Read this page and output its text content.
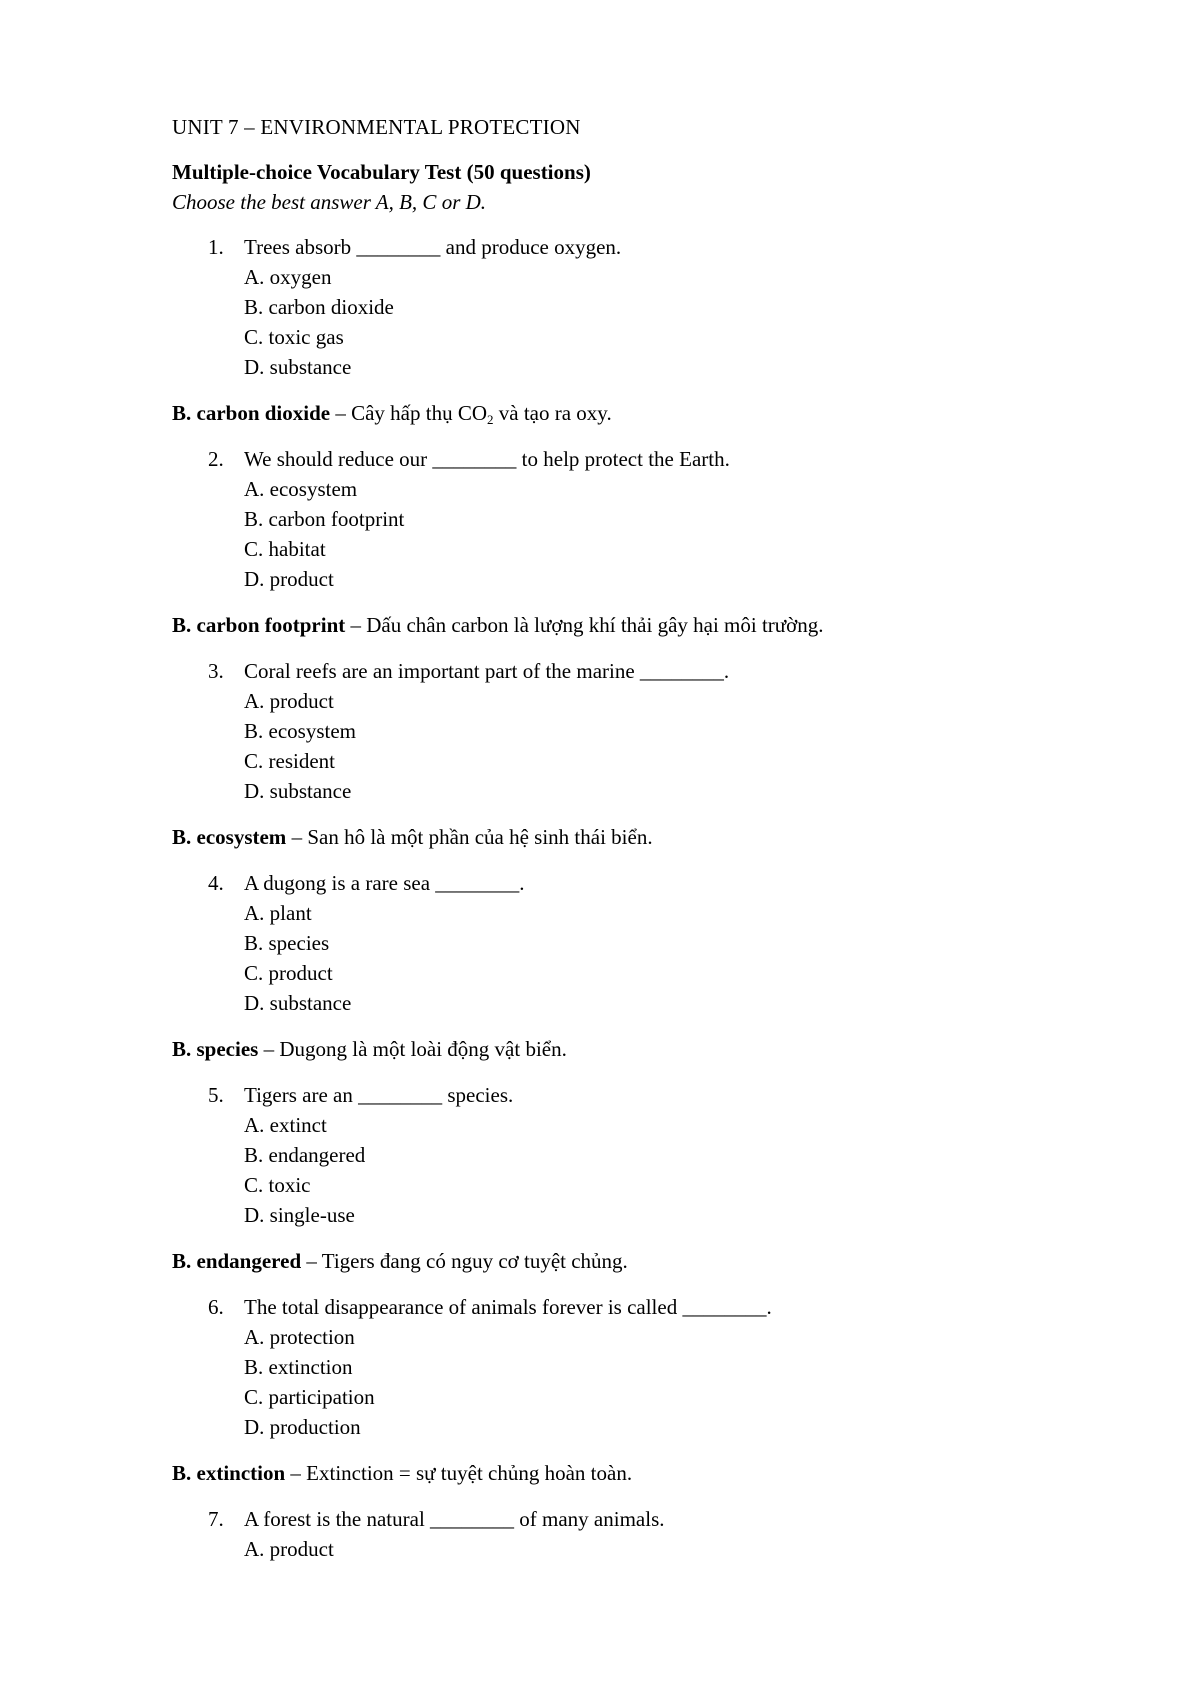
UNIT 7 – ENVIRONMENTAL PROTECTION
Multiple-choice Vocabulary Test (50 questions)
Choose the best answer A, B, C or D.
1. Trees absorb ________ and produce oxygen.
A. oxygen
B. carbon dioxide
C. toxic gas
D. substance
B. carbon dioxide – Cây hấp thụ $CO_2$ và tạo ra oxy.
2. We should reduce our ________ to help protect the Earth.
A. ecosystem
B. carbon footprint
C. habitat
D. product
B. carbon footprint – Dấu chân carbon là lượng khí thải gây hại môi trường.
3. Coral reefs are an important part of the marine ________.
A. product
B. ecosystem
C. resident
D. substance
B. ecosystem – San hô là một phần của hệ sinh thái biển.
4. A dugong is a rare sea ________.
A. plant
B. species
C. product
D. substance
B. species – Dugong là một loài động vật biển.
5. Tigers are an ________ species.
A. extinct
B. endangered
C. toxic
D. single-use
B. endangered – Tigers đang có nguy cơ tuyệt chủng.
6. The total disappearance of animals forever is called ________.
A. protection
B. extinction
C. participation
D. production
B. extinction – Extinction = sự tuyệt chủng hoàn toàn.
7. A forest is the natural ________ of many animals.
A. product
